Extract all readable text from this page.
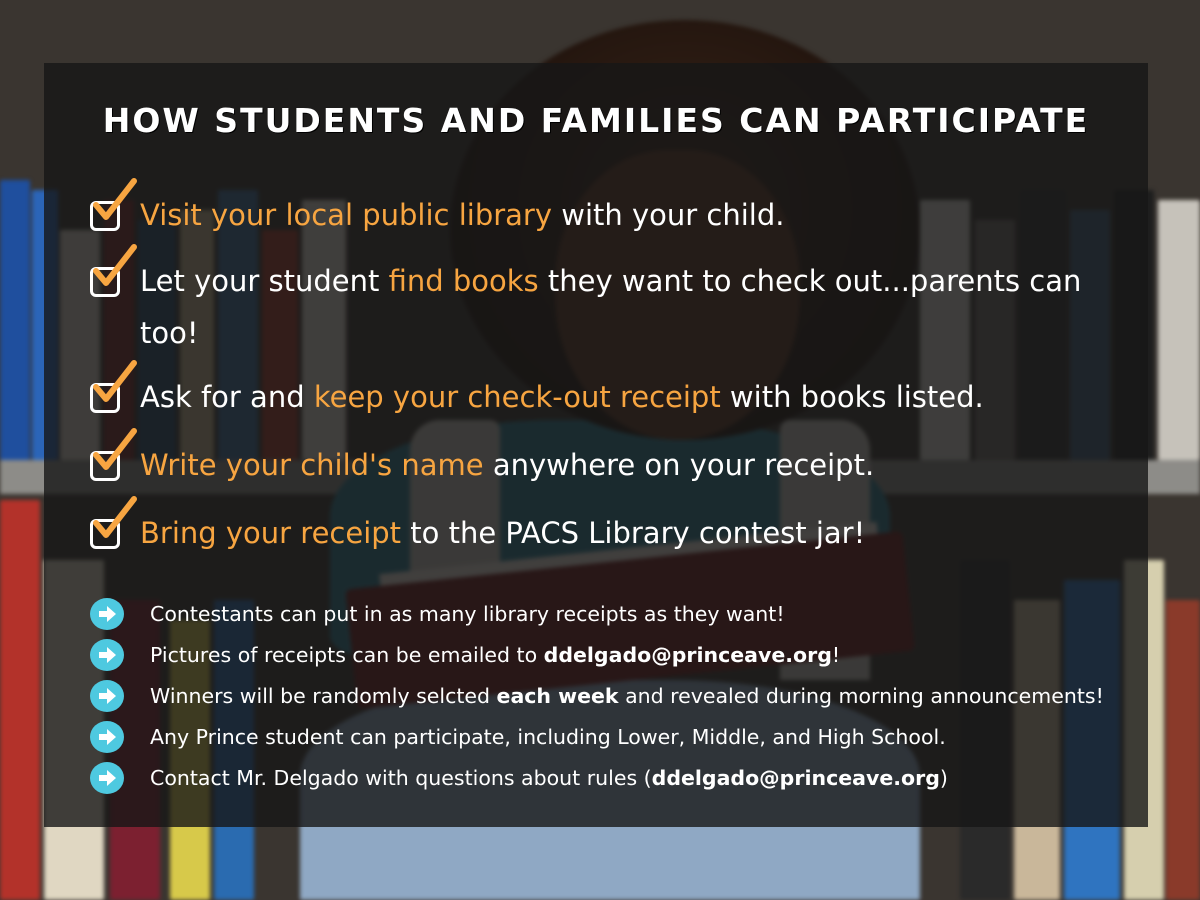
HOW STUDENTS AND FAMILIES CAN PARTICIPATE
Visit your local public library with your child.
Let your student find books they want to check out...parents can too!
Ask for and keep your check-out receipt with books listed.
Write your child's name anywhere on your receipt.
Bring your receipt to the PACS Library contest jar!
Contestants can put in as many library receipts as they want!
Pictures of receipts can be emailed to ddelgado@princeave.org!
Winners will be randomly selcted each week and revealed during morning announcements!
Any Prince student can participate, including Lower, Middle, and High School.
Contact Mr. Delgado with questions about rules (ddelgado@princeave.org)
